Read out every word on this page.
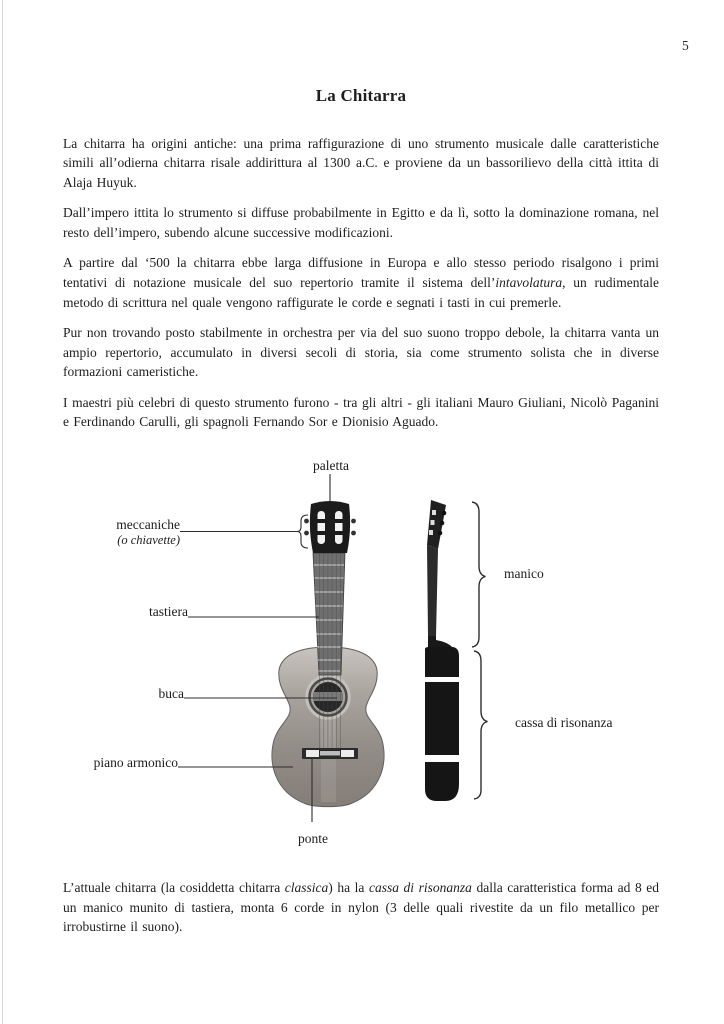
5
La Chitarra

La chitarra ha origini antiche: una prima raffigurazione di uno strumento musicale dalle caratteristiche simili all’odierna chitarra risale addirittura al 1300 a.C. e proviene da un bassorilievo della città ittita di Alaja Huyuk.

Dall’impero ittita lo strumento si diffuse probabilmente in Egitto e da lì, sotto la dominazione romana, nel resto dell’impero, subendo alcune successive modificazioni.

A partire dal ‘500 la chitarra ebbe larga diffusione in Europa e allo stesso periodo risalgono i primi tentativi di notazione musicale del suo repertorio tramite il sistema dell’intavolatura, un rudimentale metodo di scrittura nel quale vengono raffigurate le corde e segnati i tasti in cui premerle.

Pur non trovando posto stabilmente in orchestra per via del suo suono troppo debole, la chitarra vanta un ampio repertorio, accumulato in diversi secoli di storia, sia come strumento solista che in diverse formazioni cameristiche.

I maestri più celebri di questo strumento furono - tra gli altri - gli italiani Mauro Giuliani, Nicolò Paganini e Ferdinando Carulli, gli spagnoli Fernando Sor e Dionisio Aguado.

paletta
meccaniche
(o chiavette)
tastiera
buca
piano armonico
ponte
manico
cassa di risonanza

L’attuale chitarra (la cosiddetta chitarra classica) ha la cassa di risonanza dalla caratteristica forma ad 8 ed un manico munito di tastiera, monta 6 corde in nylon (3 delle quali rivestite da un filo metallico per irrobustirne il suono).
